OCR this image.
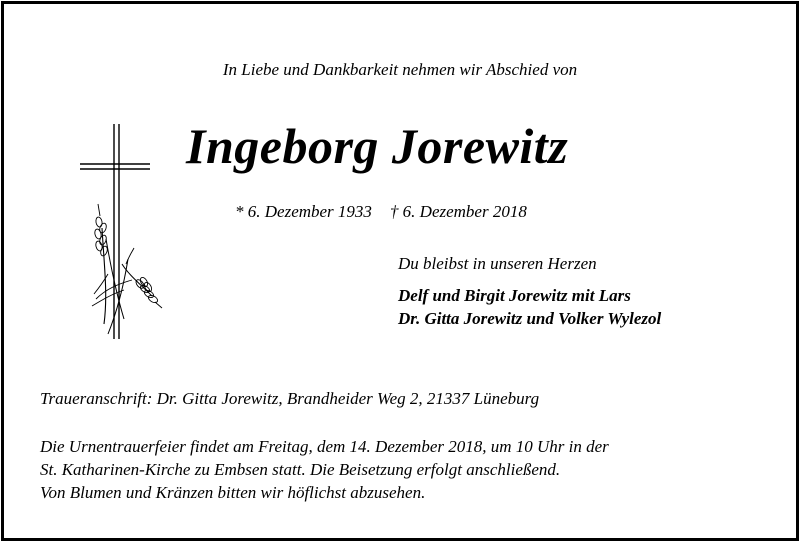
In Liebe und Dankbarkeit nehmen wir Abschied von
Ingeborg Jorewitz
* 6. Dezember 1933 † 6. Dezember 2018
Du bleibst in unseren Herzen
Delf und Birgit Jorewitz mit Lars
Dr. Gitta Jorewitz und Volker Wylezol
Traueranschrift: Dr. Gitta Jorewitz, Brandheider Weg 2, 21337 Lüneburg
Die Urnentrauerfeier findet am Freitag, dem 14. Dezember 2018, um 10 Uhr in der
St. Katharinen-Kirche zu Embsen statt. Die Beisetzung erfolgt anschließend.
Von Blumen und Kränzen bitten wir höflichst abzusehen.
